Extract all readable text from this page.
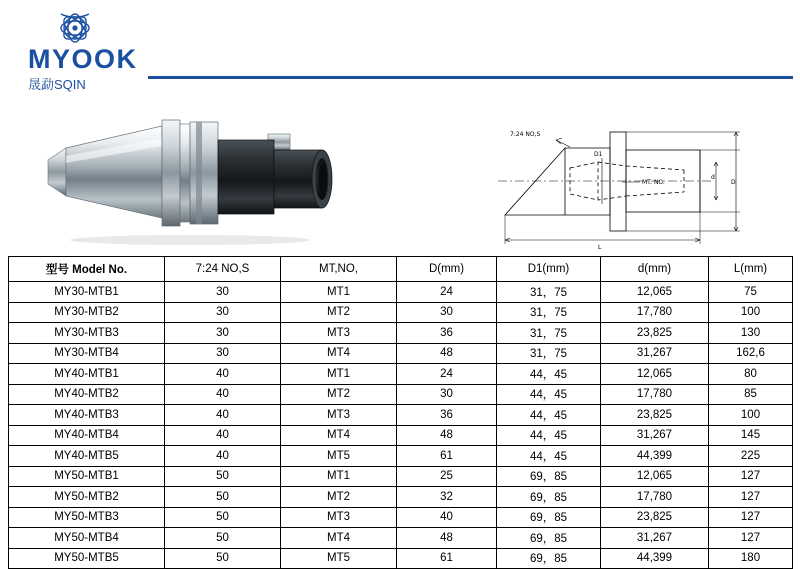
MYOOK
晟勐SQIN
7:24 NO,S
MT. NO.
D1
d
D
L
型号 Model No.	7:24 NO,S	MT,NO,	D(mm)	D1(mm)	d(mm)	L(mm)
MY30-MTB1	30	MT1	24	31，75	12,065	75
MY30-MTB2	30	MT2	30	31，75	17,780	100
MY30-MTB3	30	MT3	36	31，75	23,825	130
MY30-MTB4	30	MT4	48	31，75	31,267	162,6
MY40-MTB1	40	MT1	24	44，45	12,065	80
MY40-MTB2	40	MT2	30	44，45	17,780	85
MY40-MTB3	40	MT3	36	44，45	23,825	100
MY40-MTB4	40	MT4	48	44，45	31,267	145
MY40-MTB5	40	MT5	61	44，45	44,399	225
MY50-MTB1	50	MT1	25	69，85	12,065	127
MY50-MTB2	50	MT2	32	69，85	17,780	127
MY50-MTB3	50	MT3	40	69，85	23,825	127
MY50-MTB4	50	MT4	48	69，85	31,267	127
MY50-MTB5	50	MT5	61	69，85	44,399	180
